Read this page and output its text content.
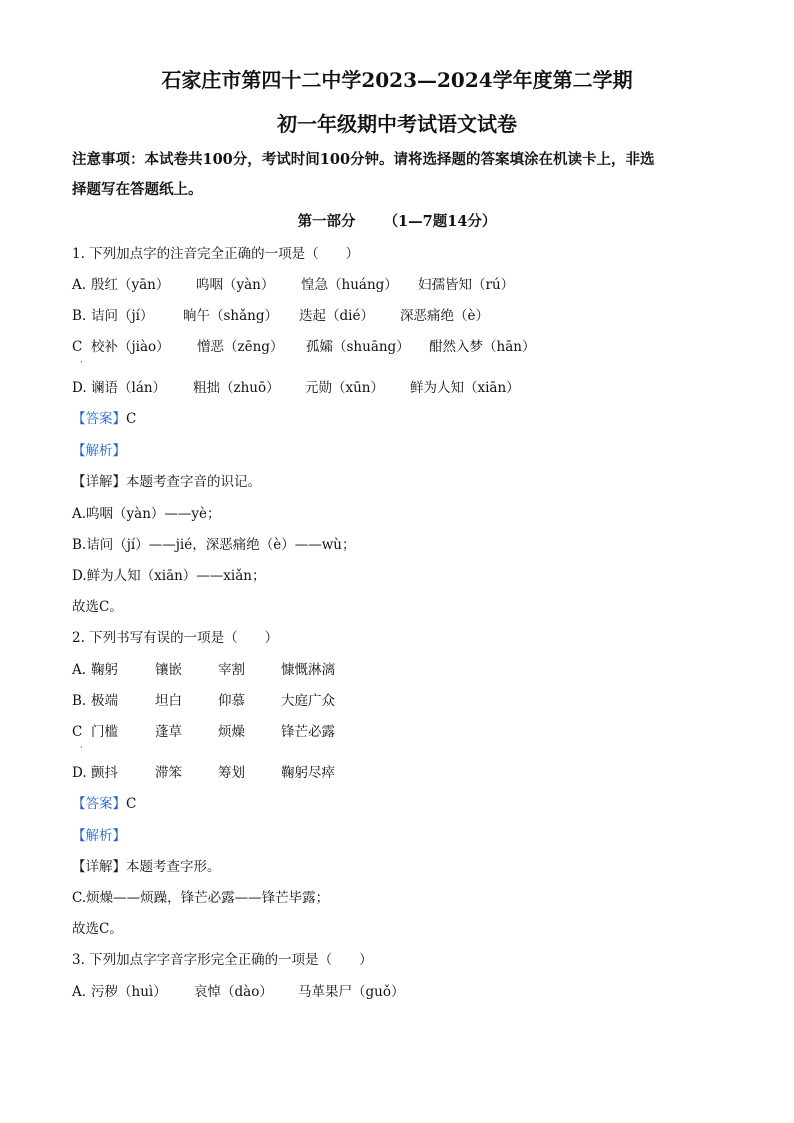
石家庄市第四十二中学2023—2024学年度第二学期
初一年级期中考试语文试卷
注意事项：本试卷共100分，考试时间100分钟。请将选择题的答案填涂在机读卡上，非选
择题写在答题纸上。
第一部分 （1—7题14分）
1. 下列加点字的注音完全正确的一项是（　　）
A. 殷红（yān） 呜咽（yàn） 惶急（huáng） 妇孺皆知（rú）
B. 诘问（jí） 晌午（shǎng） 迭起（dié） 深恶痛绝（è）
C 校补（jiào） 憎恶（zēng） 孤孀（shuāng） 酣然入梦（hān）
·
D. 谰语（lán） 粗拙（zhuō） 元勋（xūn） 鲜为人知（xiān）
【答案】C
【解析】
【详解】本题考查字音的识记。
A.呜咽（yàn）——yè；
B.诘问（jí）——jié，深恶痛绝（è）——wù；
D.鲜为人知（xiān）——xiǎn；
故选C。
2. 下列书写有误的一项是（　　）
A. 鞠躬	镶嵌	宰割	慷慨淋漓
B. 极端	坦白	仰慕	大庭广众
C 门槛	蓬草	烦燥	锋芒必露
·
D. 颤抖	滞笨	筹划	鞠躬尽瘁
【答案】C
【解析】
【详解】本题考查字形。
C.烦燥——烦躁，锋芒必露——锋芒毕露；
故选C。
3. 下列加点字字音字形完全正确的一项是（　　）
A. 污秽（huì） 哀悼（dào） 马革果尸（guǒ）
